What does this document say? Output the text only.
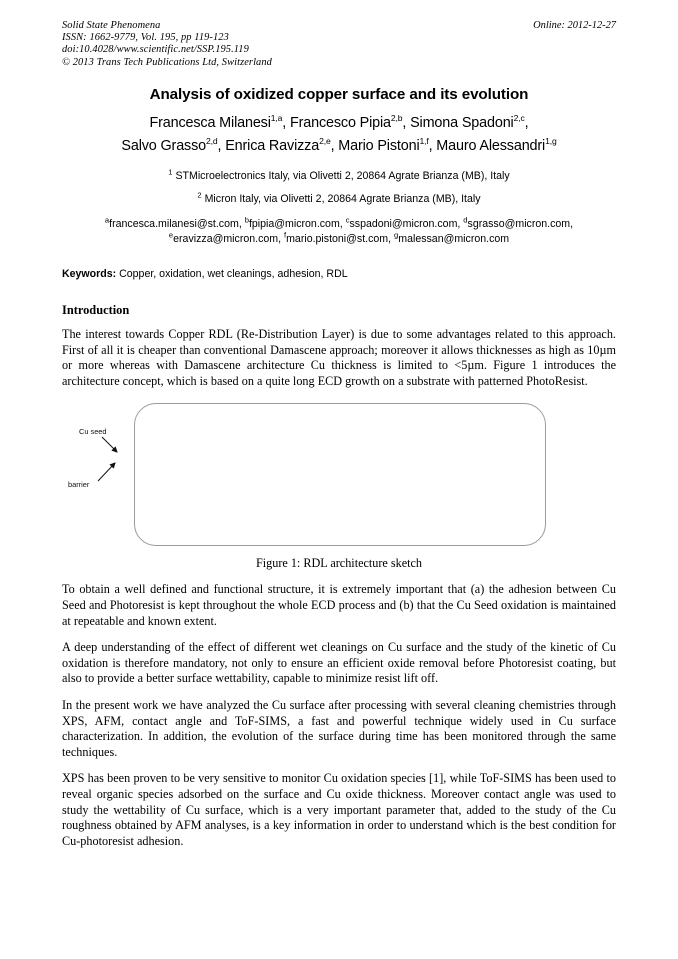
Solid State Phenomena
ISSN: 1662-9779, Vol. 195, pp 119-123
doi:10.4028/www.scientific.net/SSP.195.119
© 2013 Trans Tech Publications Ltd, Switzerland
Online: 2012-12-27
Analysis of oxidized copper surface and its evolution
Francesca Milanesi$^{1,a}$, Francesco Pipia$^{2,b}$, Simona Spadoni$^{2,c}$,
Salvo Grasso$^{2,d}$, Enrica Ravizza$^{2,e}$, Mario Pistoni$^{1,f}$, Mauro Alessandri$^{1,g}$
$^1$ STMicroelectronics Italy, via Olivetti 2, 20864 Agrate Brianza (MB), Italy
$^2$ Micron Italy, via Olivetti 2, 20864 Agrate Brianza (MB), Italy
$^a$francesca.milanesi@st.com, $^b$fpipia@micron.com, $^c$sspadoni@micron.com, $^d$sgrasso@micron.com,
$^e$eravizza@micron.com, $^f$mario.pistoni@st.com, $^g$malessan@micron.com
Keywords: Copper, oxidation, wet cleanings, adhesion, RDL
Introduction

The interest towards Copper RDL (Re-Distribution Layer) is due to some advantages related to this approach. First of all it is cheaper than conventional Damascene approach; moreover it allows thicknesses as high as 10µm or more whereas with Damascene architecture Cu thickness is limited to <5µm. Figure 1 introduces the architecture concept, which is based on a quite long ECD growth on a substrate with patterned PhotoResist.

Cu seed
barrier
Figure 1: RDL architecture sketch

To obtain a well defined and functional structure, it is extremely important that (a) the adhesion between Cu Seed and Photoresist is kept throughout the whole ECD process and (b) that the Cu Seed oxidation is maintained at repeatable and known extent.

A deep understanding of the effect of different wet cleanings on Cu surface and the study of the kinetic of Cu oxidation is therefore mandatory, not only to ensure an efficient oxide removal before Photoresist coating, but also to provide a better surface wettability, capable to minimize resist lift off.

In the present work we have analyzed the Cu surface after processing with several cleaning chemistries through XPS, AFM, contact angle and ToF-SIMS, a fast and powerful technique widely used in Cu surface characterization. In addition, the evolution of the surface during time has been monitored through the same techniques.

XPS has been proven to be very sensitive to monitor Cu oxidation species [1], while ToF-SIMS has been used to reveal organic species adsorbed on the surface and Cu oxide thickness. Moreover contact angle was used to study the wettability of Cu surface, which is a very important parameter that, added to the study of the Cu roughness obtained by AFM analyses, is a key information in order to understand which is the best condition for Cu-photoresist adhesion.
